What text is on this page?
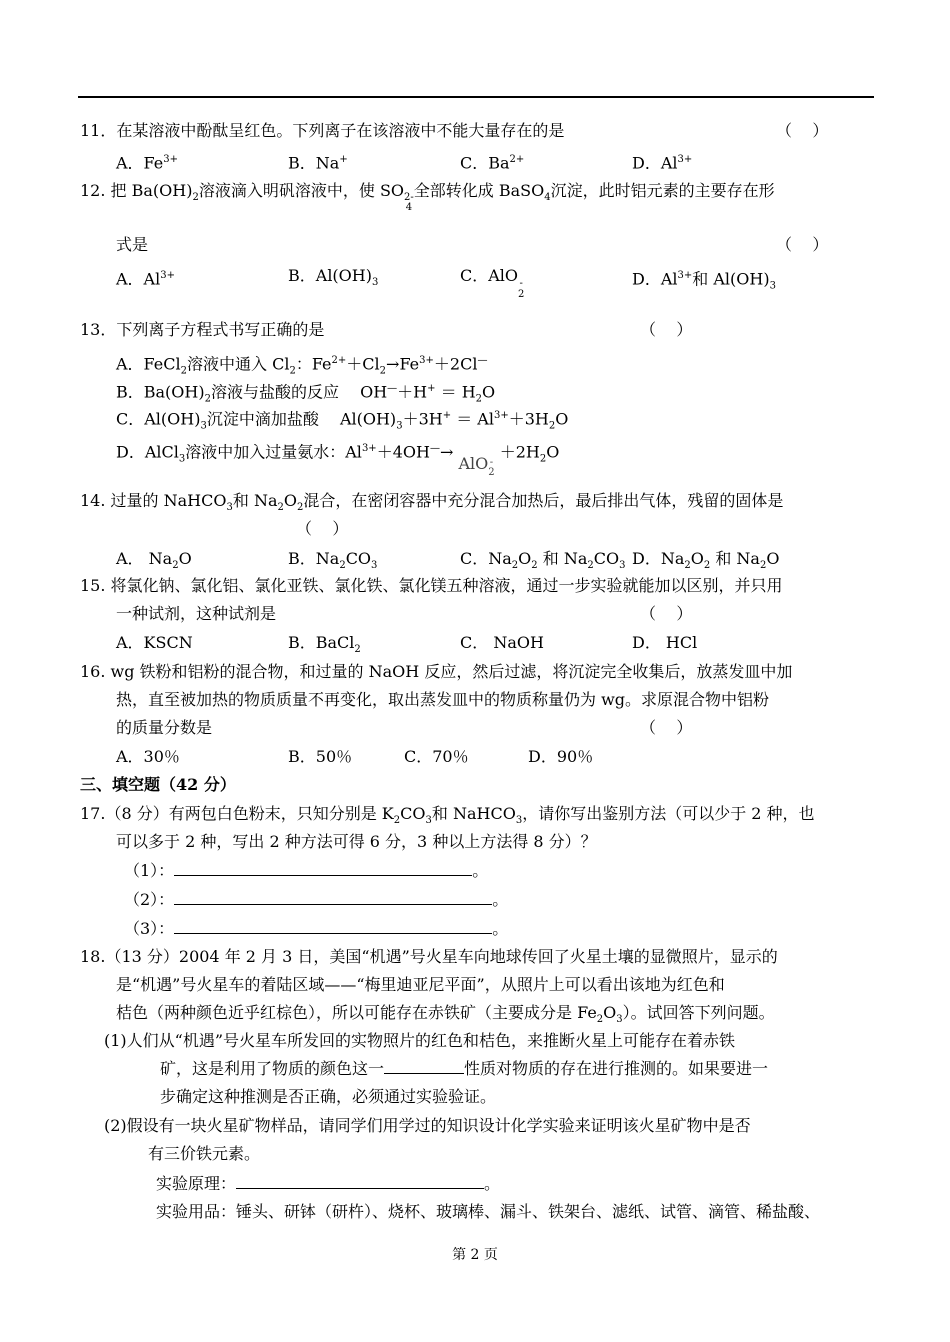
11．在某溶液中酚酞呈红色。下列离子在该溶液中不能大量存在的是	（    ）
A．$Fe^{3+}$	B．Na+	C．$Ba^{2+}$	D．$Al^{3+}$
12. 把 $Ba(OH)_2$溶液滴入明矾溶液中，使 SO2-
4全部转化成 BaSO$_4$沉淀，此时铝元素的主要存在形
式是	（    ）
A．$Al^{3+}$	B．$Al(OH)_3$	C．AlO-
2
D．$Al^{3+}$和 $Al(OH)_3$
13．下列离子方程式书写正确的是	（    ）
A．FeCl$_2$溶液中通入 $Cl_2$：$Fe^{2+}+Cl_2\to Fe^{3+}+2Cl^—$
B．$Ba(OH)_2$溶液与盐酸的反应　 $OH^—+H^+ = H_2O$
C．$Al(OH)_3$沉淀中滴加盐酸　 $Al(OH)_3+3H^+ = Al^{3+}+3H_2O$
D．AlCl$_3$溶液中加入过量氨水：$Al^{3+}+4OH^—\to AlO-$
$2 +2H_2O$
14. 过量的 NaHCO$_3$和 $Na_2O_2$混合，在密闭容器中充分混合加热后，最后排出气体，残留的固体是
（    ）
A． $Na_2O$	B．$Na_2CO_3$	C．$Na_2O_2$ 和 $Na_2CO_3$ D．$Na_2O_2$ 和 $Na_2O$
15. 将氯化钠、氯化铝、氯化亚铁、氯化铁、氯化镁五种溶液，通过一步实验就能加以区别，并只用
一种试剂，这种试剂是	（    ）
A．KSCN	B．BaCl$_2$	C． NaOH	D． HCl
16. wg 铁粉和铝粉的混合物，和过量的 NaOH 反应，然后过滤，将沉淀完全收集后，放蒸发皿中加
热，直至被加热的物质质量不再变化，取出蒸发皿中的物质称量仍为 wg。求原混合物中铝粉
的质量分数是	（    ）
A．30％	B．50％	C．70％	D．90％
三、填空题（42 分）
17.（8 分）有两包白色粉末，只知分别是 $K_2CO_3$和 NaHCO$_3$，请你写出鉴别方法（可以少于 2 种，也
可以多于 2 种，写出 2 种方法可得 6 分，3 种以上方法得 8 分）？
（1）：	。
（2）：	。
（3）：	。
18.（13 分）2004 年 2 月 3 日，美国“机遇”号火星车向地球传回了火星土壤的显微照片，显示的
是“机遇”号火星车的着陆区域——“梅里迪亚尼平面”，从照片上可以看出该地为红色和
桔色（两种颜色近乎红棕色），所以可能存在赤铁矿（主要成分是 $Fe_2O_3$）。试回答下列问题。
(1)人们从“机遇”号火星车所发回的实物照片的红色和桔色，来推断火星上可能存在着赤铁
矿，这是利用了物质的颜色这一	性质对物质的存在进行推测的。如果要进一
步确定这种推测是否正确，必须通过实验验证。
(2)假设有一块火星矿物样品，请同学们用学过的知识设计化学实验来证明该火星矿物中是否
有三价铁元素。
实验原理：	。
实验用品：锤头、研钵（研杵）、烧杯、玻璃棒、漏斗、铁架台、滤纸、试管、滴管、稀盐酸、
第 2 页
